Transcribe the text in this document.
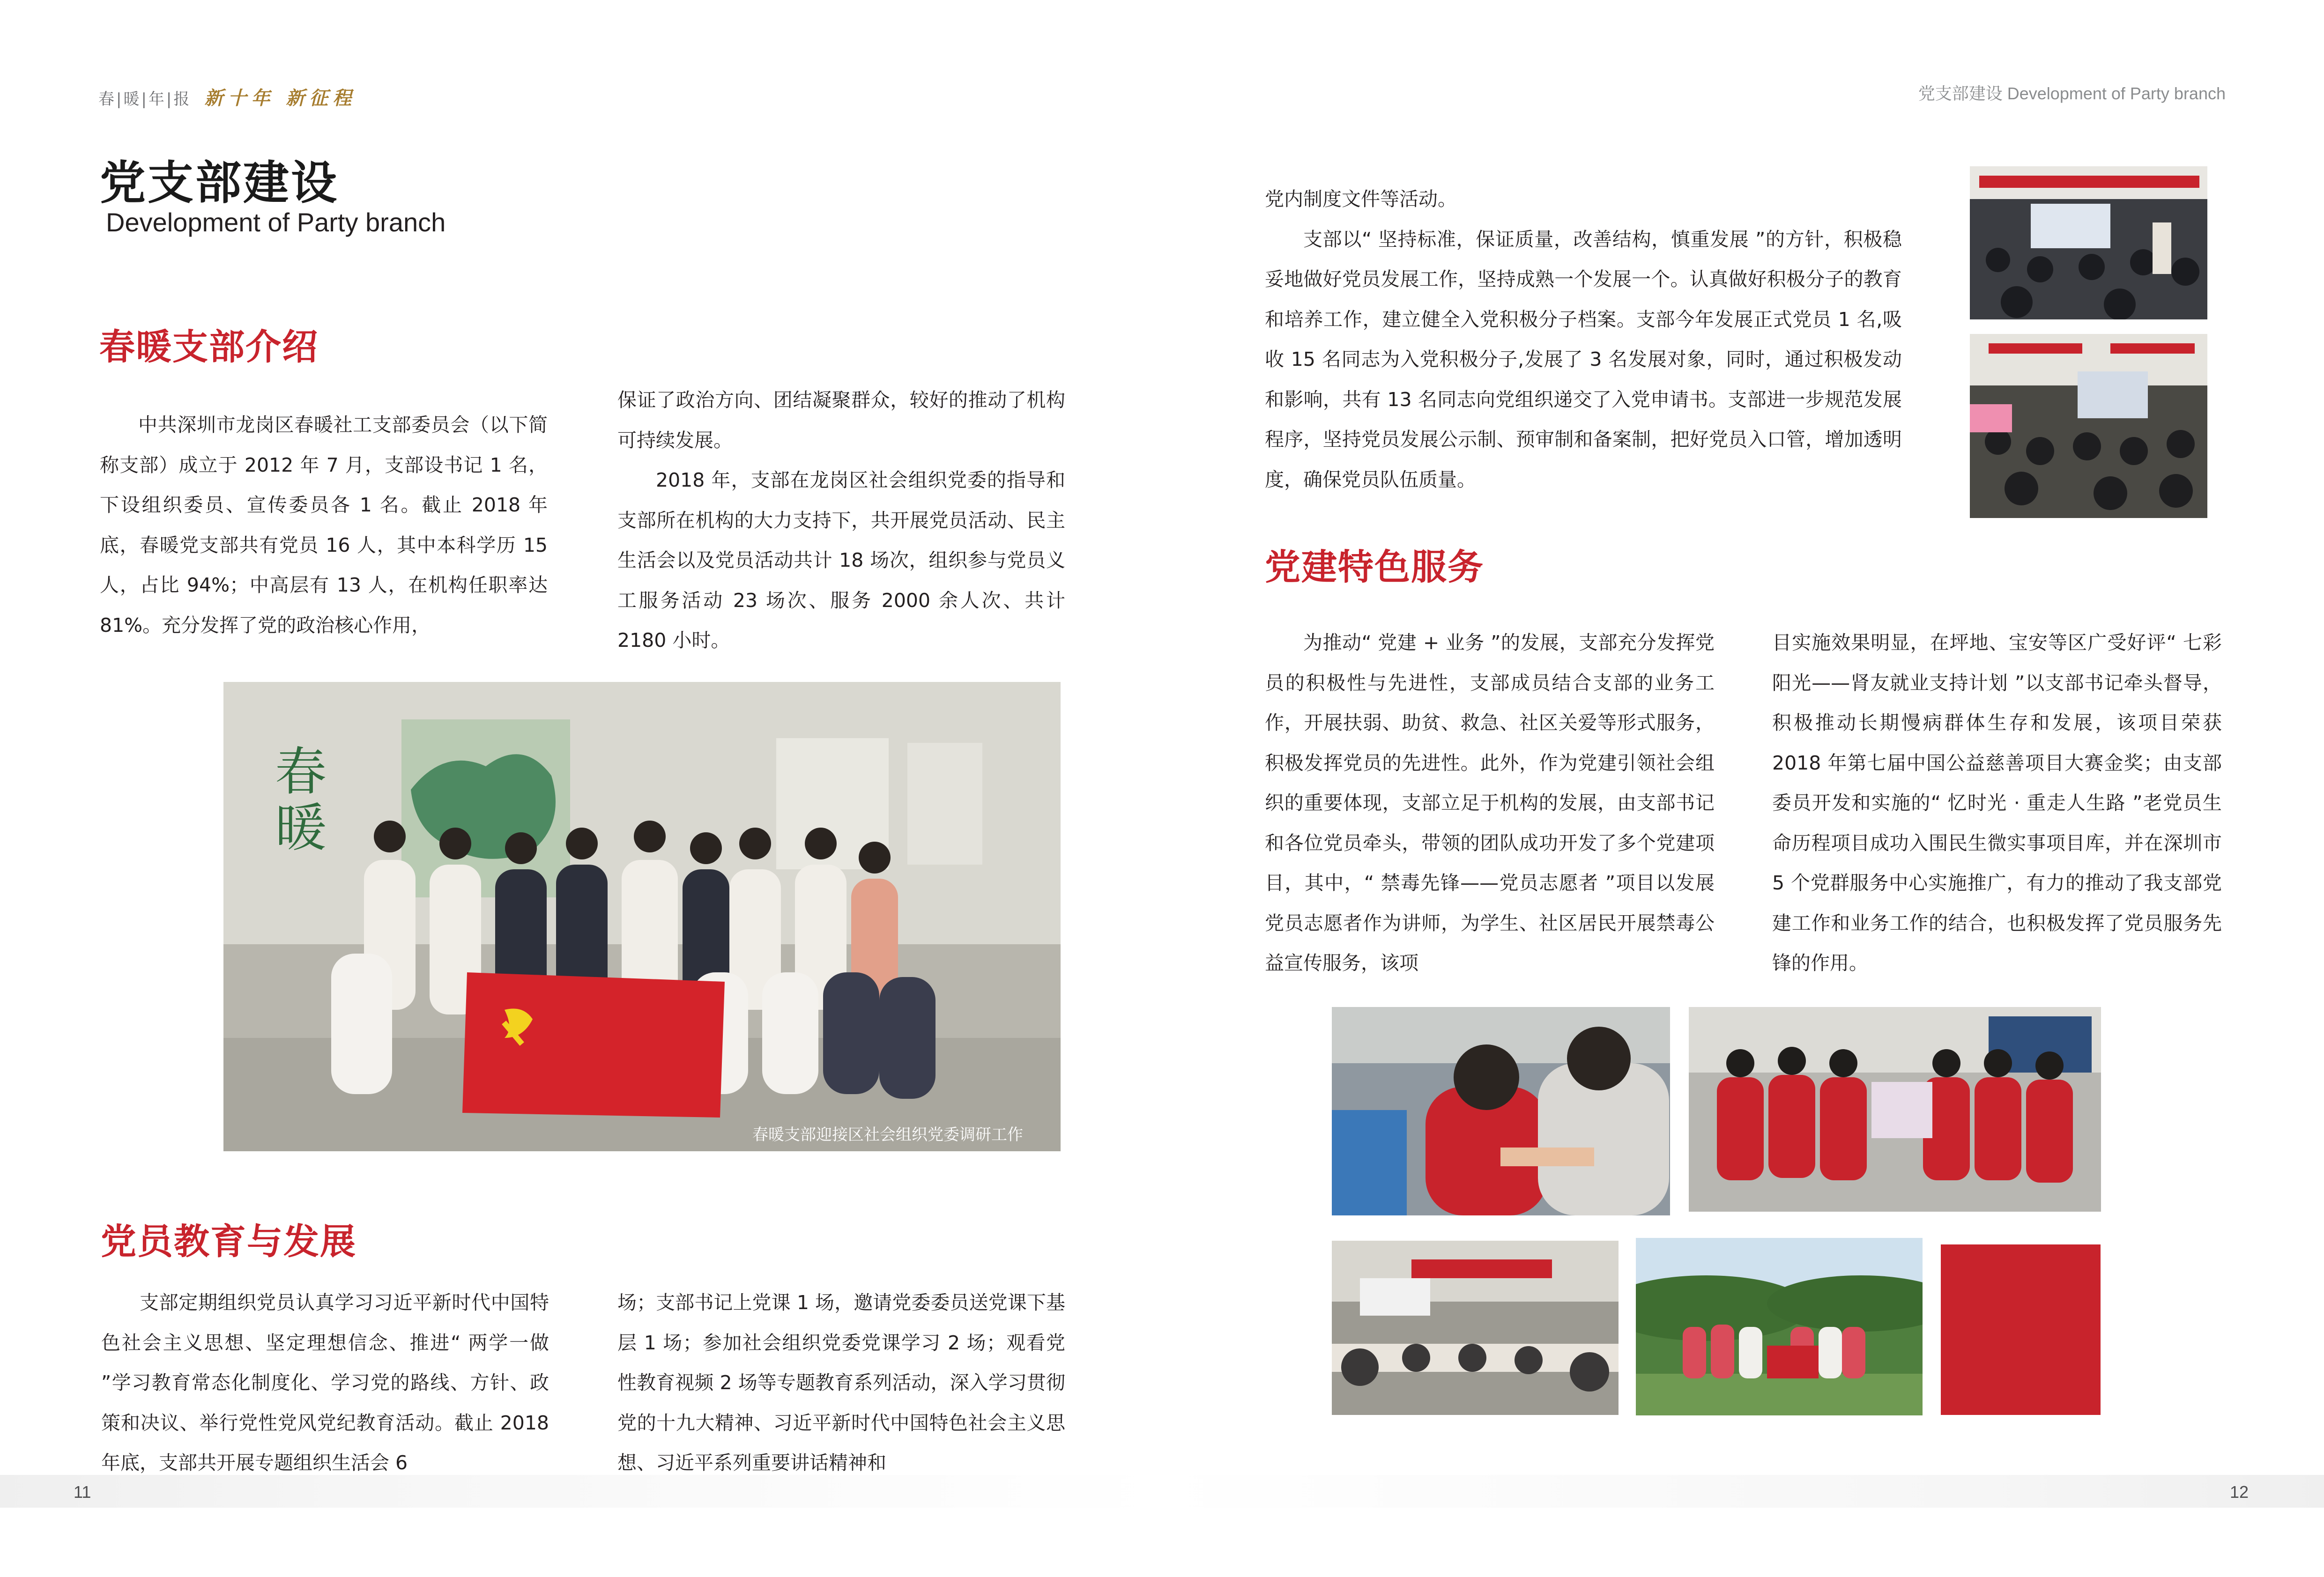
春|暖|年|报 新十年 新征程	党支部建设 Development of Party branch
党支部建设
Development of Party branch
春暖支部介绍

中共深圳市龙岗区春暖社工支部委员会（以下简称支部）成立于 2012 年 7 月，支部设书记 1 名，下设组织委员、宣传委员各 1 名。截止 2018 年底，春暖党支部共有党员 16 人，其中本科学历 15 人，占比 94%；中高层有 13 人，在机构任职率达81%。充分发挥了党的政治核心作用，

保证了政治方向、团结凝聚群众，较好的推动了机构可持续发展。

2018 年，支部在龙岗区社会组织党委的指导和支部所在机构的大力支持下，共开展党员活动、民主生活会以及党员活动共计 18 场次，组织参与党员义工服务活动 23 场次、服务 2000 余人次、共计 2180 小时。

春
暖
春暖支部迎接区社会组织党委调研工作
党员教育与发展

支部定期组织党员认真学习习近平新时代中国特色社会主义思想、坚定理想信念、推进“ 两学一做 ”学习教育常态化制度化、学习党的路线、方针、政策和决议、举行党性党风党纪教育活动。截止 2018 年底，支部共开展专题组织生活会 6

场；支部书记上党课 1 场，邀请党委委员送党课下基层 1 场；参加社会组织党委党课学习 2 场；观看党性教育视频 2 场等专题教育系列活动，深入学习贯彻党的十九大精神、习近平新时代中国特色社会主义思想、习近平系列重要讲话精神和

党内制度文件等活动。

支部以“ 坚持标准，保证质量，改善结构，慎重发展 ”的方针，积极稳妥地做好党员发展工作，坚持成熟一个发展一个。认真做好积极分子的教育和培养工作，建立健全入党积极分子档案。支部今年发展正式党员 1 名,吸收 15 名同志为入党积极分子,发展了 3 名发展对象，同时，通过积极发动和影响，共有 13 名同志向党组织递交了入党申请书。支部进一步规范发展程序，坚持党员发展公示制、预审制和备案制，把好党员入口管，增加透明度，确保党员队伍质量。

党建特色服务

为推动“ 党建 + 业务 ”的发展，支部充分发挥党员的积极性与先进性，支部成员结合支部的业务工作，开展扶弱、助贫、救急、社区关爱等形式服务，积极发挥党员的先进性。此外，作为党建引领社会组织的重要体现，支部立足于机构的发展，由支部书记和各位党员牵头，带领的团队成功开发了多个党建项目，其中，“ 禁毒先锋——党员志愿者 ”项目以发展党员志愿者作为讲师，为学生、社区居民开展禁毒公益宣传服务，该项

目实施效果明显，在坪地、宝安等区广受好评“ 七彩阳光——肾友就业支持计划 ”以支部书记牵头督导，积极推动长期慢病群体生存和发展，该项目荣获 2018 年第七届中国公益慈善项目大赛金奖；由支部委员开发和实施的“ 忆时光 · 重走人生路 ”老党员生命历程项目成功入围民生微实事项目库，并在深圳市 5 个党群服务中心实施推广，有力的推动了我支部党建工作和业务工作的结合，也积极发挥了党员服务先锋的作用。

11	12
